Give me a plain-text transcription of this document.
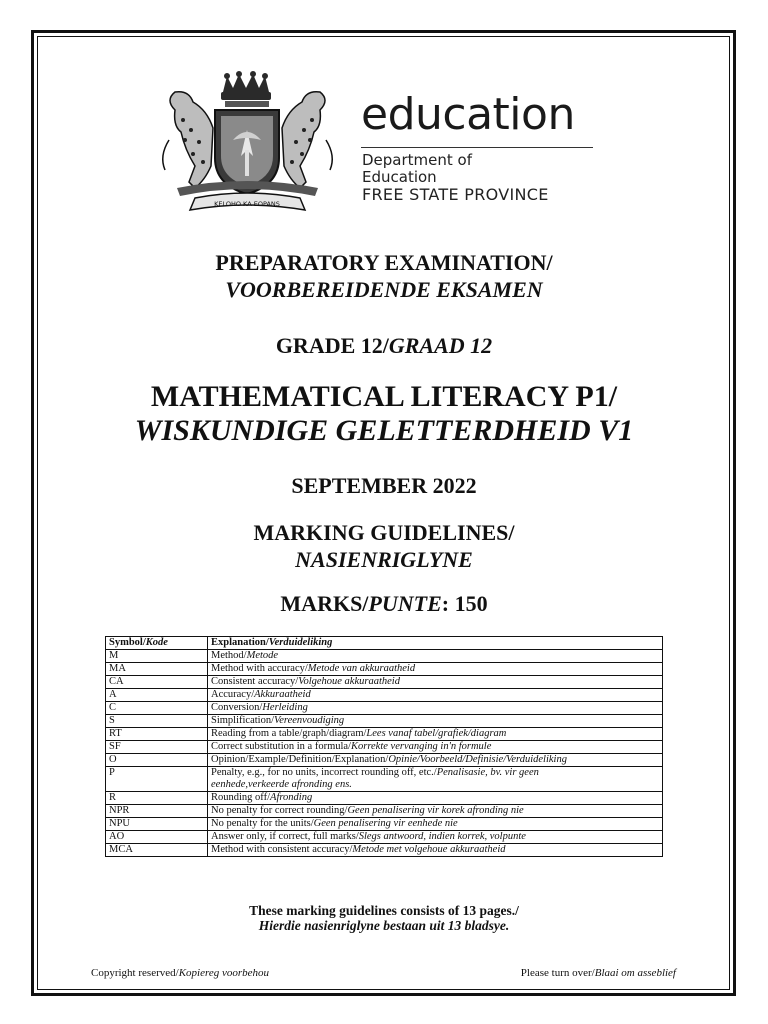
KELOHO KA EOPANS
education
Department of
Education
FREE STATE PROVINCE
PREPARATORY EXAMINATION/
VOORBEREIDENDE EKSAMEN
GRADE 12/GRAAD 12
MATHEMATICAL LITERACY P1/
WISKUNDIGE GELETTERDHEID V1
SEPTEMBER 2022
MARKING GUIDELINES/
NASIENRIGLYNE
MARKS/PUNTE: 150
Symbol/Kode	Explanation/Verduideliking
M	Method/Metode
MA	Method with accuracy/Metode van akkuraatheid
CA	Consistent accuracy/Volgehoue akkuraatheid
A	Accuracy/Akkuraatheid
C	Conversion/Herleiding
S	Simplification/Vereenvoudiging
RT	Reading from a table/graph/diagram/Lees vanaf tabel/grafiek/diagram
SF	Correct substitution in a formula/Korrekte vervanging in'n formule
O	Opinion/Example/Definition/Explanation/Opinie/Voorbeeld/Definisie/Verduideliking
P	Penalty, e.g., for no units, incorrect rounding off, etc./Penalisasie, bv. vir geen
eenhede,verkeerde afronding ens.
R	Rounding off/Afronding
NPR	No penalty for correct rounding/Geen penalisering vir korek afronding nie
NPU	No penalty for the units/Geen penalisering vir eenhede nie
AO	Answer only, if correct, full marks/Slegs antwoord, indien korrek, volpunte
MCA	Method with consistent accuracy/Metode met volgehoue akkuraatheid
These marking guidelines consists of 13 pages./
Hierdie nasienriglyne bestaan uit 13 bladsye.
Copyright reserved/Kopiereg voorbehou	Please turn over/Blaai om asseblief
